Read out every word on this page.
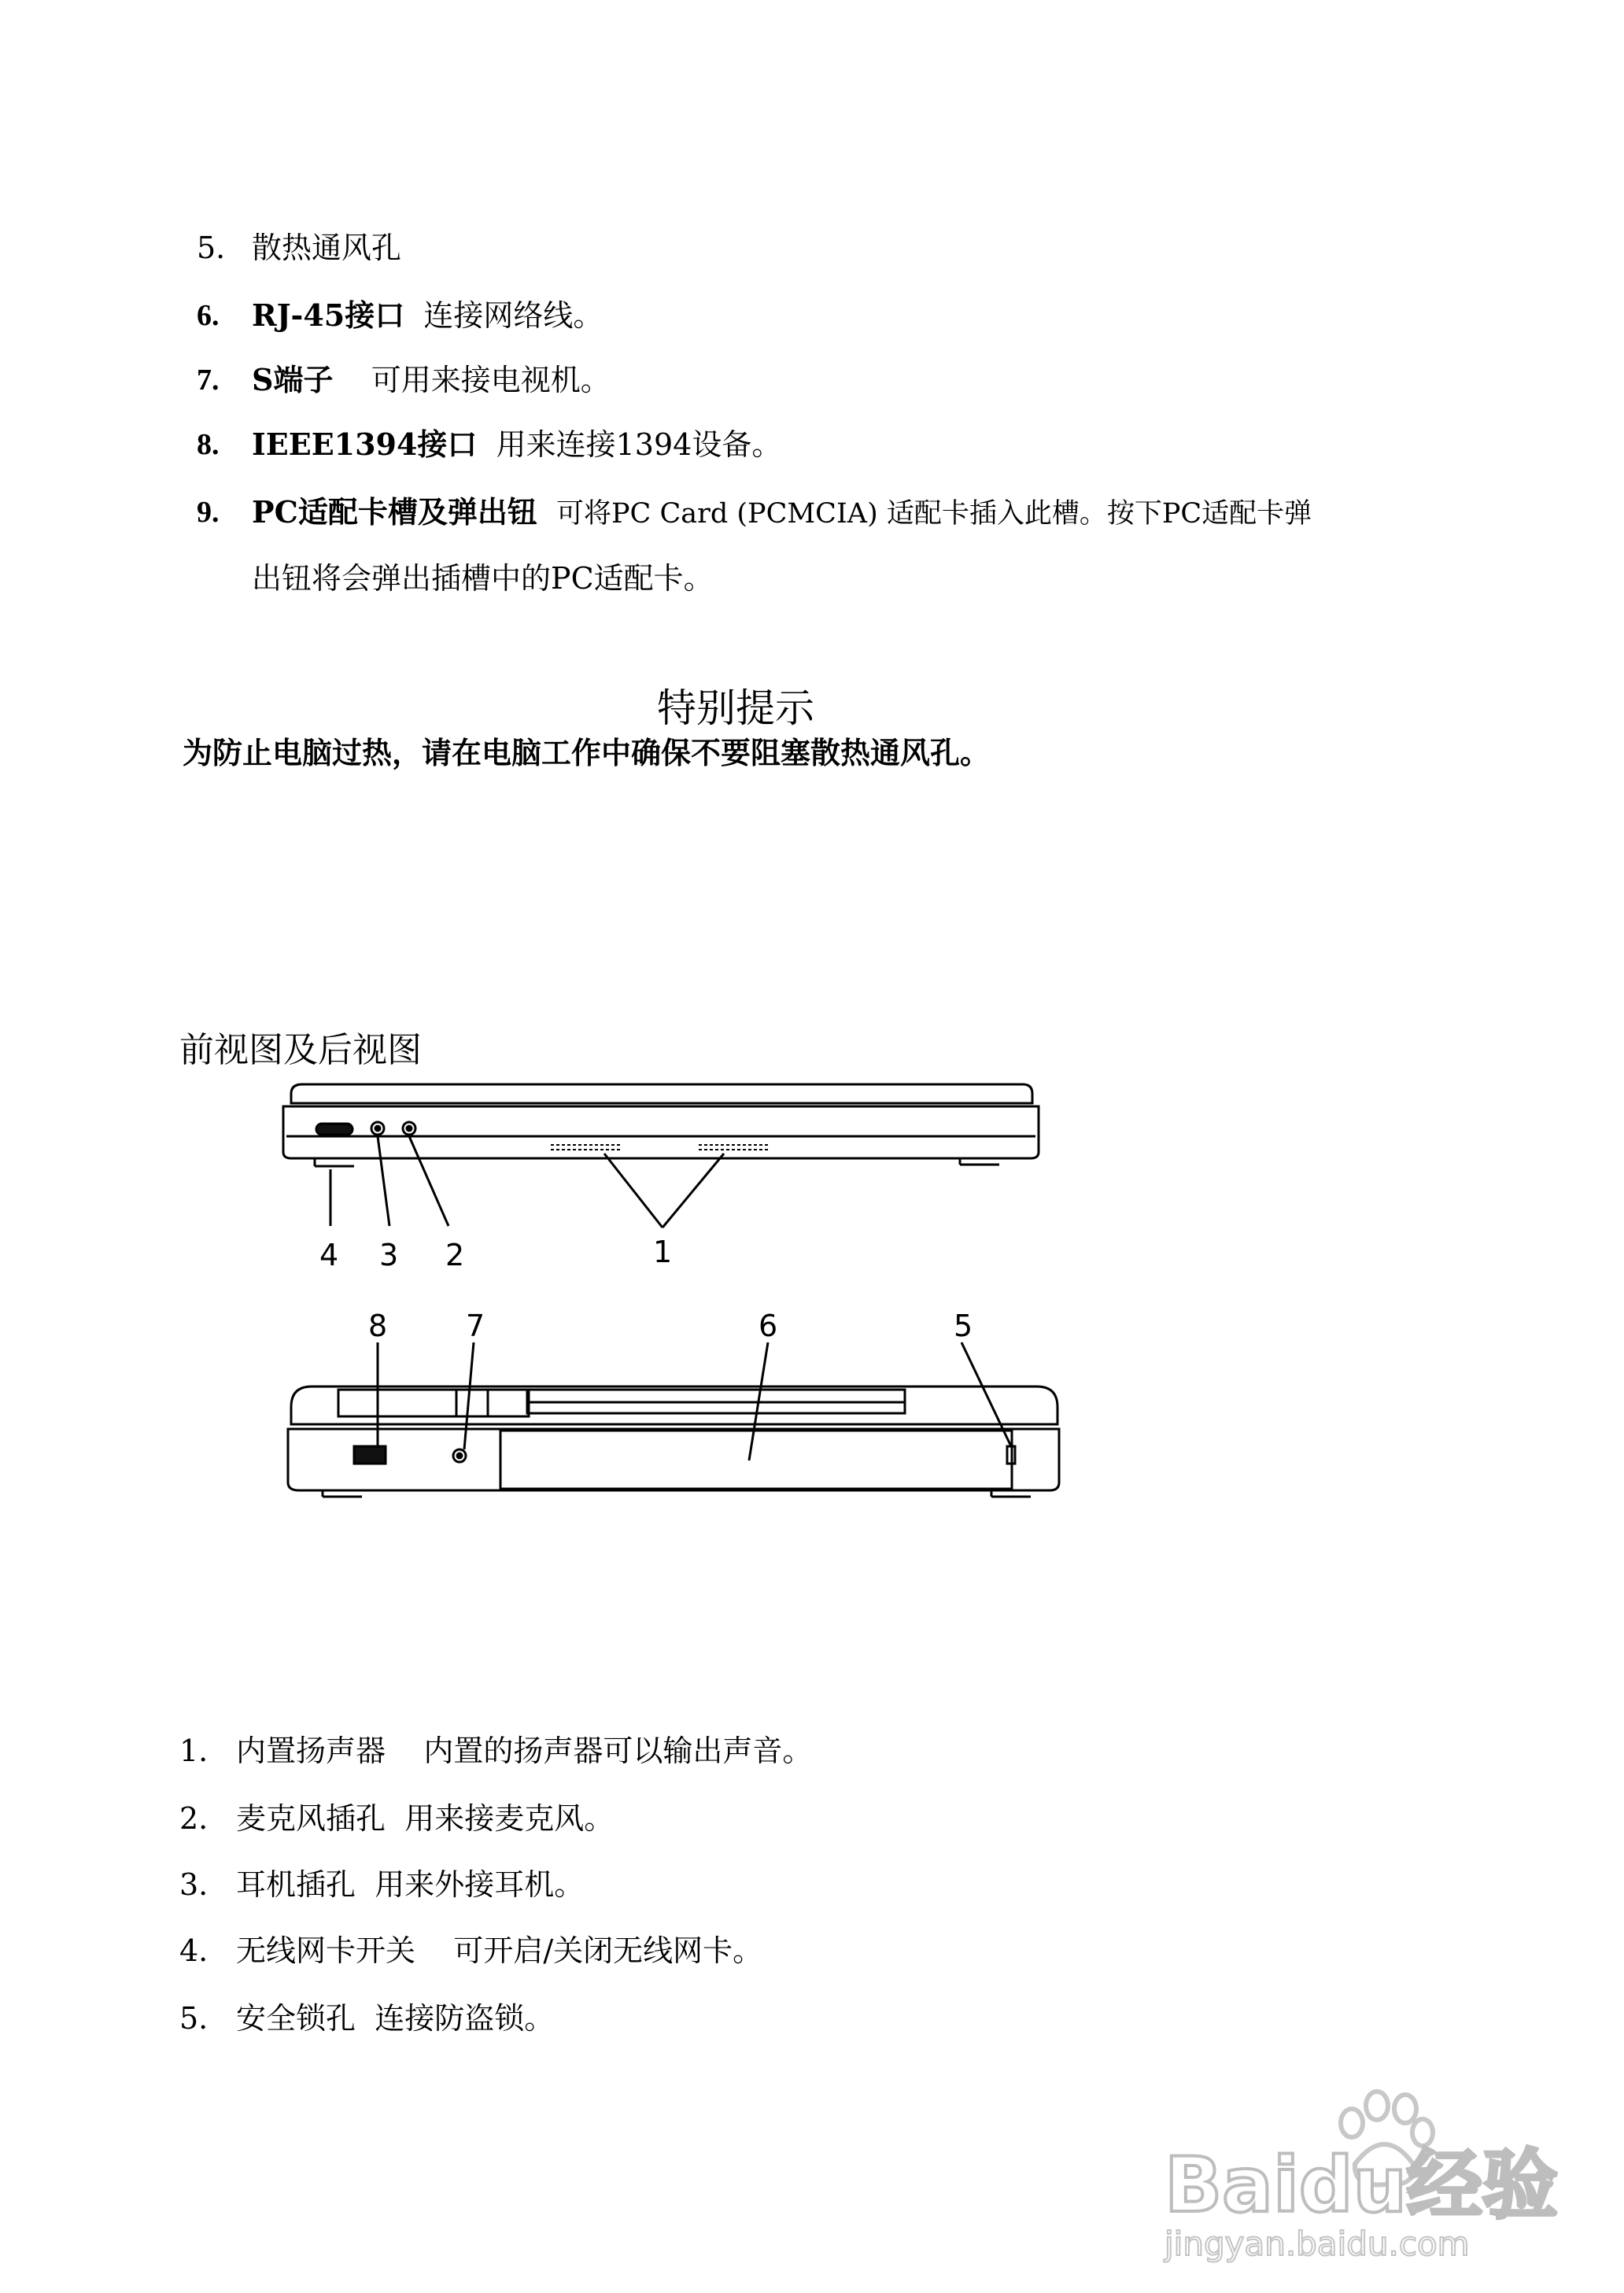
5. 散热通风孔
6. RJ-45接口 连接网络线。
7. S端子 可用来接电视机。
8. IEEE1394接口 用来连接1394设备。
9. PC适配卡槽及弹出钮 可将PC Card (PCMCIA) 适配卡插入此槽。按下PC适配卡弹
出钮将会弹出插槽中的PC适配卡。
特别提示
为防止电脑过热，请在电脑工作中确保不要阻塞散热通风孔。
前视图及后视图
4 3 2	1
8	7	6	5
1. 内置扬声器 内置的扬声器可以输出声音。
2. 麦克风插孔 用来接麦克风。
3. 耳机插孔 用来外接耳机。
4. 无线网卡开关 可开启/关闭无线网卡。
5. 安全锁孔 连接防盗锁。
Baidu经验
jingyan.baidu.com
